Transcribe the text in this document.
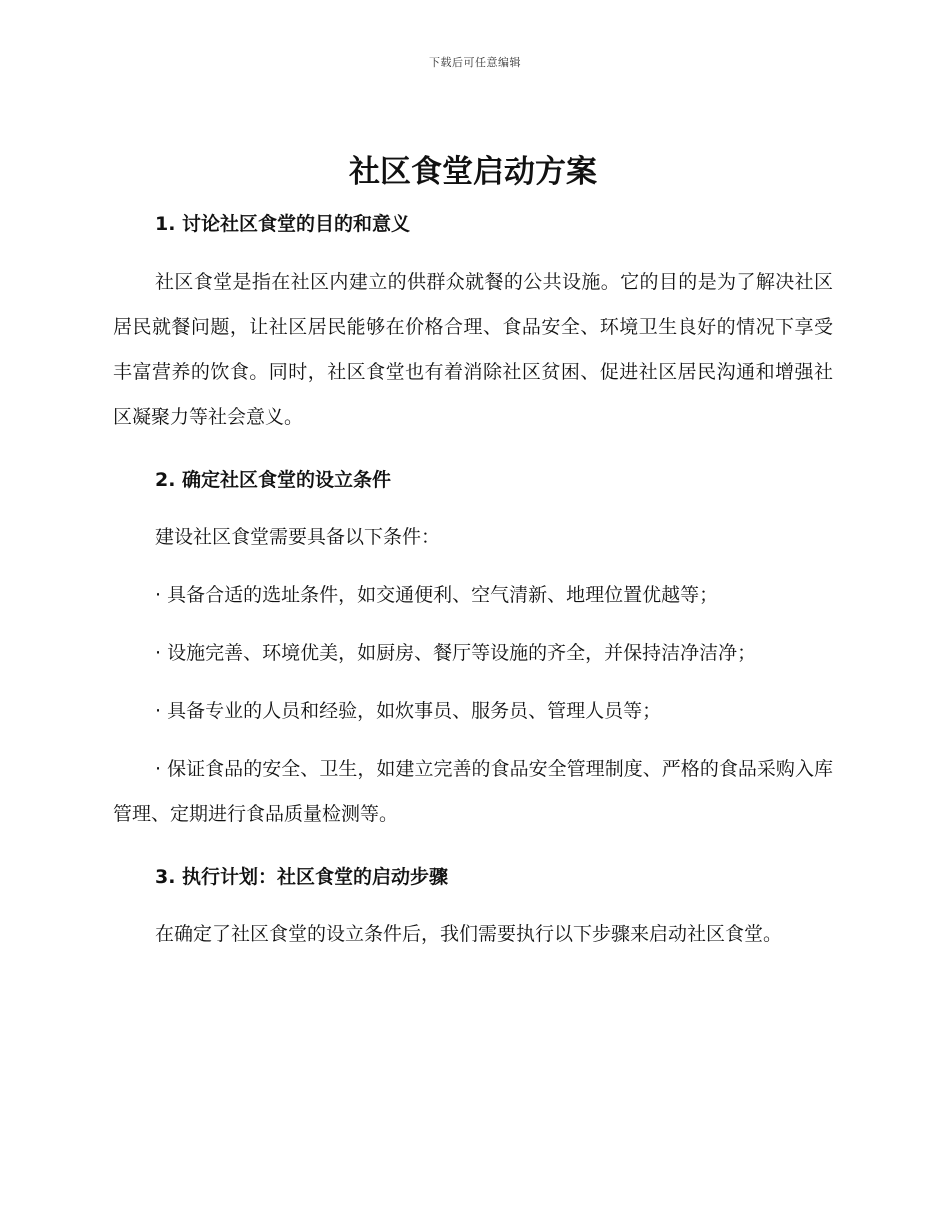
下载后可任意编辑
社区食堂启动方案
1. 讨论社区食堂的目的和意义

社区食堂是指在社区内建立的供群众就餐的公共设施。它的目的是为了解决社区居民就餐问题，让社区居民能够在价格合理、食品安全、环境卫生良好的情况下享受丰富营养的饮食。同时，社区食堂也有着消除社区贫困、促进社区居民沟通和增强社区凝聚力等社会意义。

2. 确定社区食堂的设立条件

建设社区食堂需要具备以下条件：

· 具备合适的选址条件，如交通便利、空气清新、地理位置优越等；

· 设施完善、环境优美，如厨房、餐厅等设施的齐全，并保持洁净洁净；

· 具备专业的人员和经验，如炊事员、服务员、管理人员等；

· 保证食品的安全、卫生，如建立完善的食品安全管理制度、严格的食品采购入库管理、定期进行食品质量检测等。

3. 执行计划：社区食堂的启动步骤

在确定了社区食堂的设立条件后，我们需要执行以下步骤来启动社区食堂。
